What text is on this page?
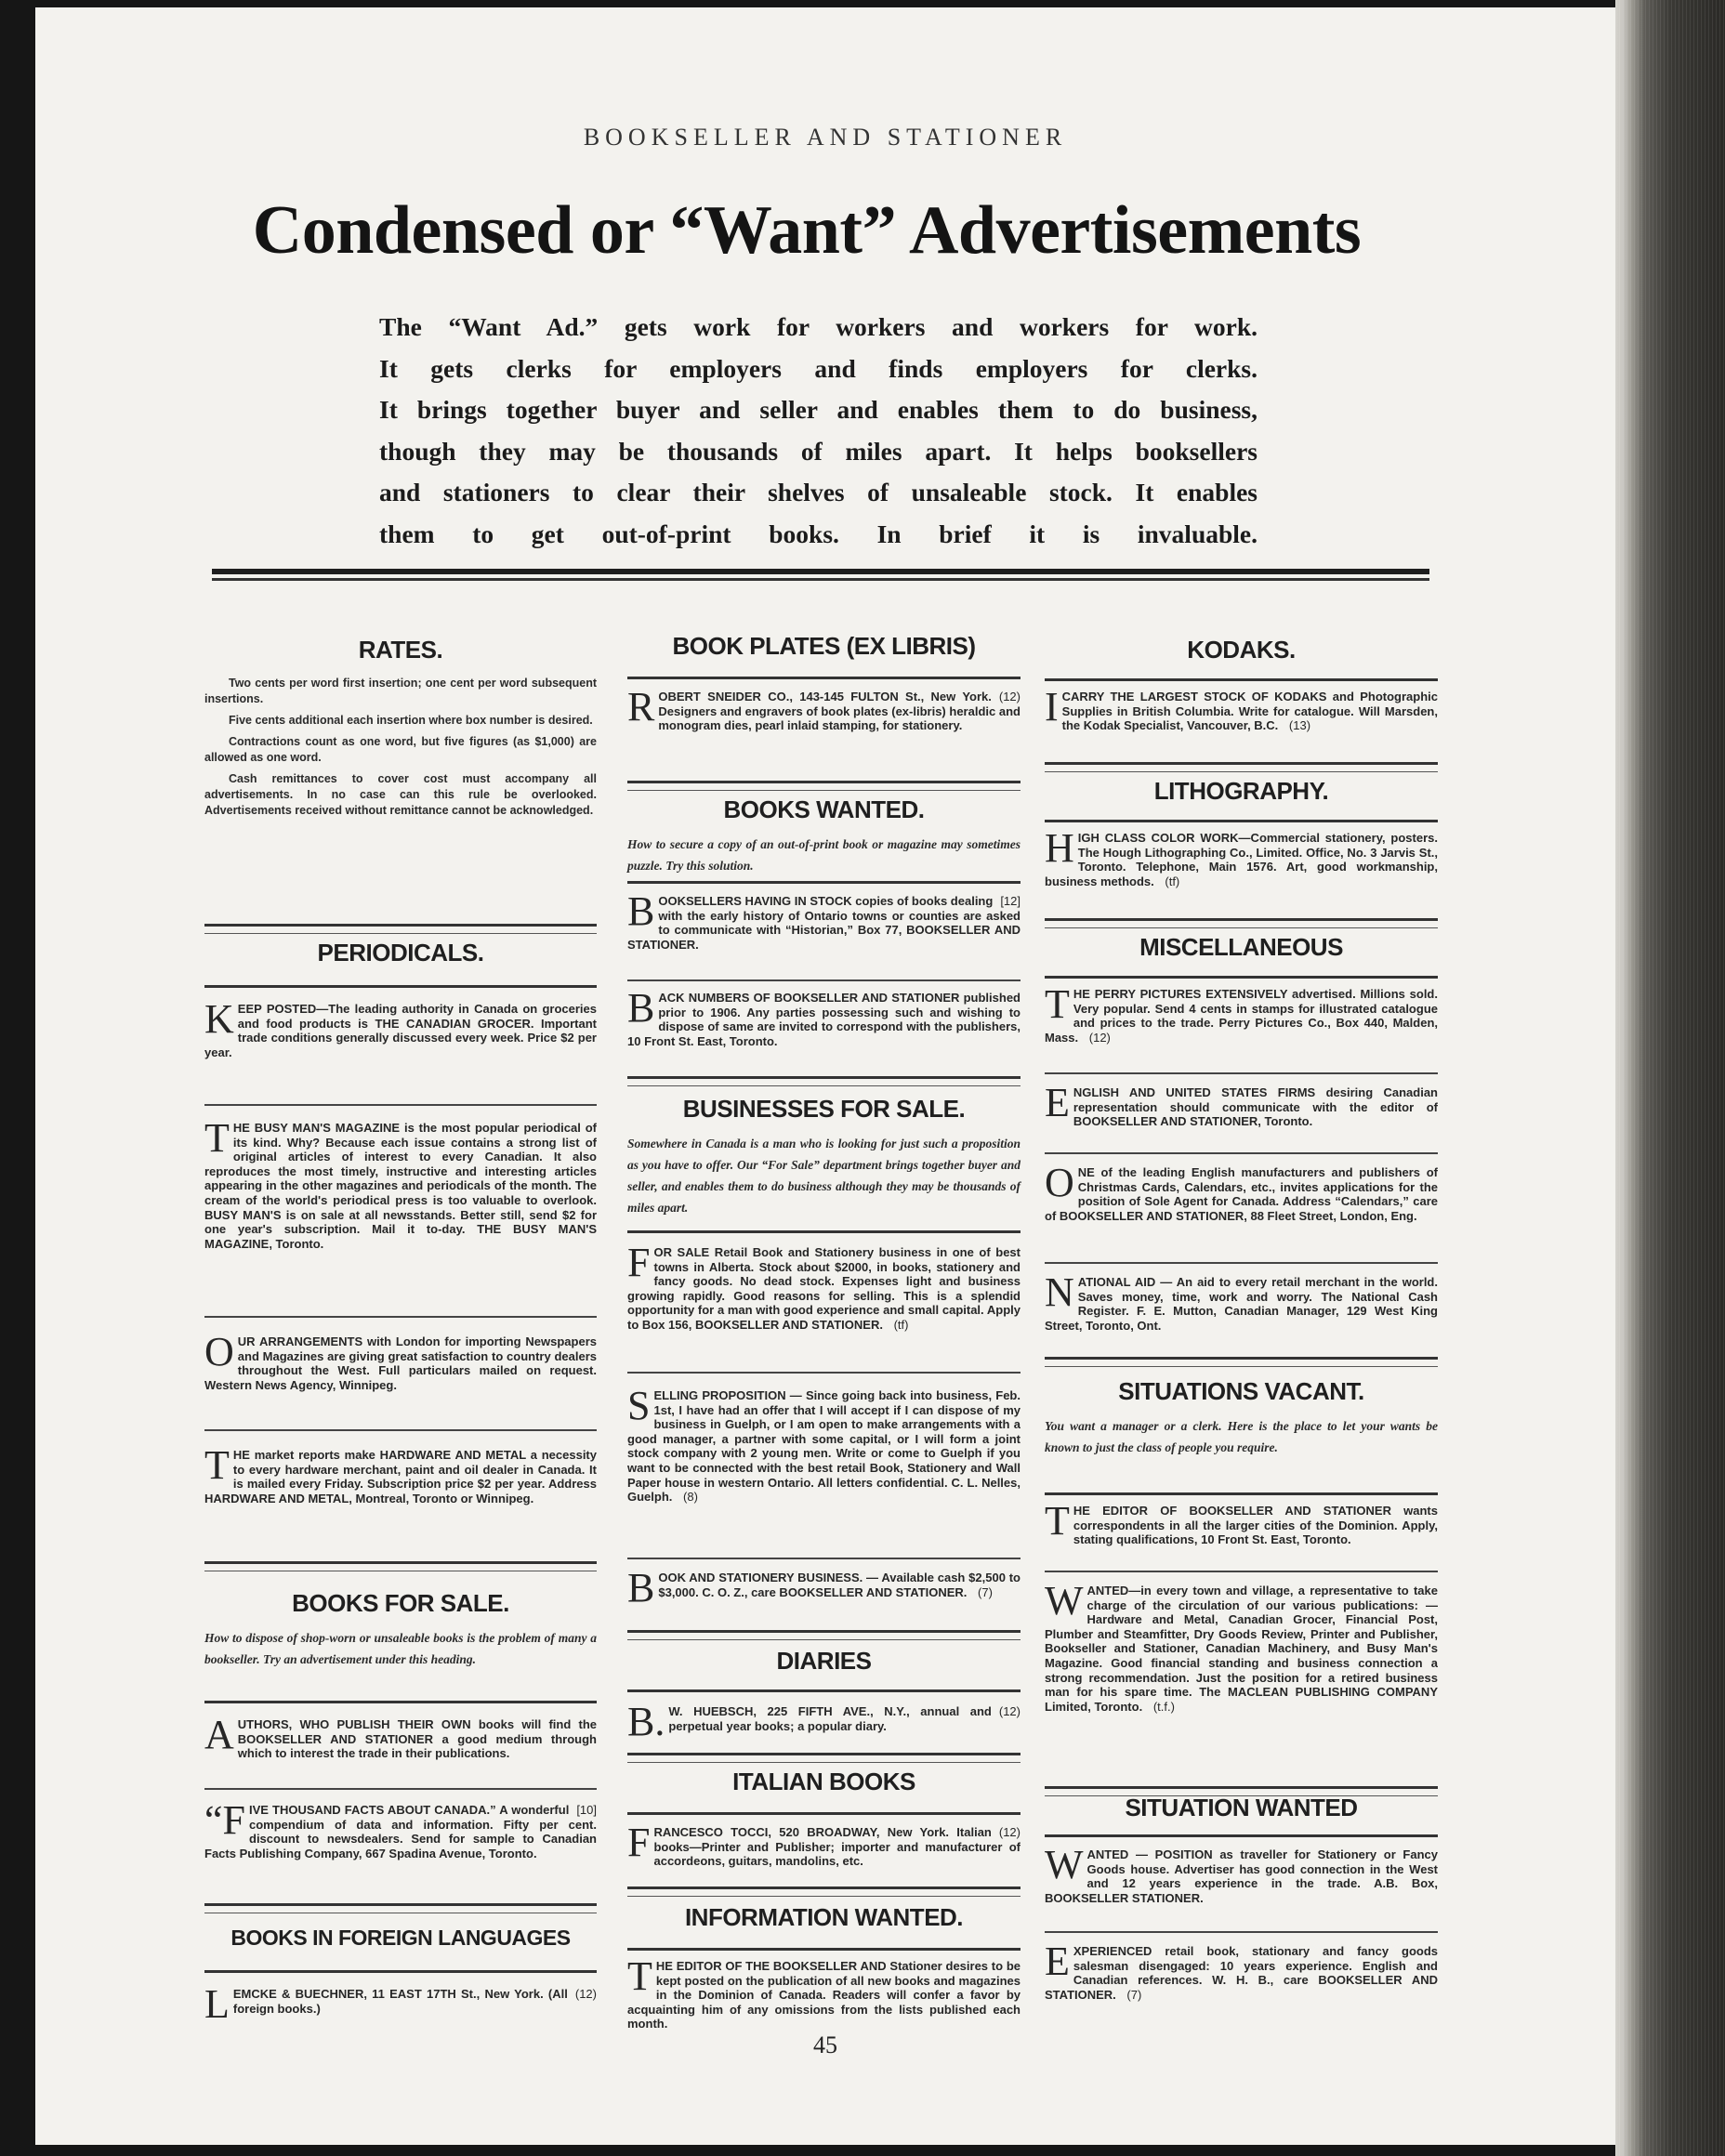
BOOKSELLER AND STATIONER
Condensed or “Want” Advertisements
The “Want Ad.” gets work for workers and workers for work.
It gets clerks for employers and finds employers for clerks.
It brings together buyer and seller and enables them to do business,
though they may be thousands of miles apart. It helps booksellers
and stationers to clear their shelves of unsaleable stock. It enables
them to get out-of-print books. In brief it is invaluable.
RATES.

Two cents per word first insertion; one cent per word subsequent insertions.

Five cents additional each insertion where box number is desired.

Contractions count as one word, but five figures (as $1,000) are allowed as one word.

Cash remittances to cover cost must accompany all advertisements. In no case can this rule be overlooked. Advertisements received without remittance cannot be acknowledged.

PERIODICALS.
KEEP POSTED—The leading authority in Canada on groceries and food products is THE CANADIAN GROCER. Important trade conditions generally discussed every week. Price $2 per year.
THE BUSY MAN'S MAGAZINE is the most popular periodical of its kind. Why? Because each issue contains a strong list of original articles of interest to every Canadian. It also reproduces the most timely, instructive and interesting articles appearing in the other magazines and periodicals of the month. The cream of the world's periodical press is too valuable to overlook. BUSY MAN'S is on sale at all newsstands. Better still, send $2 for one year's subscription. Mail it to-day. THE BUSY MAN'S MAGAZINE, Toronto.
OUR ARRANGEMENTS with London for importing Newspapers and Magazines are giving great satisfaction to country dealers throughout the West. Full particulars mailed on request. Western News Agency, Winnipeg.
THE market reports make HARDWARE AND METAL a necessity to every hardware merchant, paint and oil dealer in Canada. It is mailed every Friday. Subscription price $2 per year. Address HARDWARE AND METAL, Montreal, Toronto or Winnipeg.
BOOKS FOR SALE.
How to dispose of shop-worn or unsaleable books is the problem of many a bookseller. Try an advertisement under this heading.
AUTHORS, WHO PUBLISH THEIR OWN books will find the BOOKSELLER AND STATIONER a good medium through which to interest the trade in their publications.
“F	[10]
IVE THOUSAND FACTS ABOUT CANADA.” A wonderful compendium of data and information. Fifty per cent. discount to newsdealers. Send for sample to Canadian Facts Publishing Company, 667 Spadina Avenue, Toronto.
BOOKS IN FOREIGN LANGUAGES
L	(12)
EMCKE & BUECHNER, 11 EAST 17TH St., New York. (All foreign books.)
BOOK PLATES (EX LIBRIS)
R	(12)
OBERT SNEIDER CO., 143-145 FULTON St., New York. Designers and engravers of book plates (ex-libris) heraldic and monogram dies, pearl inlaid stamping, for stationery.
BOOKS WANTED.
How to secure a copy of an out-of-print book or magazine may sometimes puzzle. Try this solution.
B	[12]
OOKSELLERS HAVING IN STOCK copies of books dealing with the early history of Ontario towns or counties are asked to communicate with “Historian,” Box 77, BOOKSELLER AND STATIONER.
BACK NUMBERS OF BOOKSELLER AND STATIONER published prior to 1906. Any parties possessing such and wishing to dispose of same are invited to correspond with the publishers, 10 Front St. East, Toronto.
BUSINESSES FOR SALE.
Somewhere in Canada is a man who is looking for just such a proposition as you have to offer. Our “For Sale” department brings together buyer and seller, and enables them to do business although they may be thousands of miles apart.
FOR SALE Retail Book and Stationery business in one of best towns in Alberta. Stock about $2000, in books, stationery and fancy goods. No dead stock. Expenses light and business growing rapidly. Good reasons for selling. This is a splendid opportunity for a man with good experience and small capital. Apply to Box 156, BOOKSELLER AND STATIONER. (tf)
SELLING PROPOSITION — Since going back into business, Feb. 1st, I have had an offer that I will accept if I can dispose of my business in Guelph, or I am open to make arrangements with a good manager, a partner with some capital, or I will form a joint stock company with 2 young men. Write or come to Guelph if you want to be connected with the best retail Book, Stationery and Wall Paper house in western Ontario. All letters confidential. C. L. Nelles, Guelph. (8)
BOOK AND STATIONERY BUSINESS. — Available cash $2,500 to $3,000. C. O. Z., care BOOKSELLER AND STATIONER. (7)
DIARIES
B.	(12)
W. HUEBSCH, 225 FIFTH AVE., N.Y., annual and perpetual year books; a popular diary.
ITALIAN BOOKS
F	(12)
RANCESCO TOCCI, 520 BROADWAY, New York. Italian books—Printer and Publisher; importer and manufacturer of accordeons, guitars, mandolins, etc.
INFORMATION WANTED.
THE EDITOR OF THE BOOKSELLER AND Stationer desires to be kept posted on the publication of all new books and magazines in the Dominion of Canada. Readers will confer a favor by acquainting him of any omissions from the lists published each month.
KODAKS.
ICARRY THE LARGEST STOCK OF KODAKS and Photographic Supplies in British Columbia. Write for catalogue. Will Marsden, the Kodak Specialist, Vancouver, B.C. (13)
LITHOGRAPHY.
HIGH CLASS COLOR WORK—Commercial stationery, posters. The Hough Lithographing Co., Limited. Office, No. 3 Jarvis St., Toronto. Telephone, Main 1576. Art, good workmanship, business methods. (tf)
MISCELLANEOUS
THE PERRY PICTURES EXTENSIVELY advertised. Millions sold. Very popular. Send 4 cents in stamps for illustrated catalogue and prices to the trade. Perry Pictures Co., Box 440, Malden, Mass. (12)
ENGLISH AND UNITED STATES FIRMS desiring Canadian representation should communicate with the editor of BOOKSELLER AND STATIONER, Toronto.
ONE of the leading English manufacturers and publishers of Christmas Cards, Calendars, etc., invites applications for the position of Sole Agent for Canada. Address “Calendars,” care of BOOKSELLER AND STATIONER, 88 Fleet Street, London, Eng.
NATIONAL AID — An aid to every retail merchant in the world. Saves money, time, work and worry. The National Cash Register. F. E. Mutton, Canadian Manager, 129 West King Street, Toronto, Ont.
SITUATIONS VACANT.
You want a manager or a clerk. Here is the place to let your wants be known to just the class of people you require.
THE EDITOR OF BOOKSELLER AND STATIONER wants correspondents in all the larger cities of the Dominion. Apply, stating qualifications, 10 Front St. East, Toronto.
WANTED—in every town and village, a representative to take charge of the circulation of our various publications: — Hardware and Metal, Canadian Grocer, Financial Post, Plumber and Steamfitter, Dry Goods Review, Printer and Publisher, Bookseller and Stationer, Canadian Machinery, and Busy Man's Magazine. Good financial standing and business connection a strong recommendation. Just the position for a retired business man for his spare time. The MACLEAN PUBLISHING COMPANY Limited, Toronto. (t.f.)
SITUATION WANTED
WANTED — POSITION as traveller for Stationery or Fancy Goods house. Advertiser has good connection in the West and 12 years experience in the trade. A.B. Box, BOOKSELLER STATIONER.
EXPERIENCED retail book, stationary and fancy goods salesman disengaged: 10 years experience. English and Canadian references. W. H. B., care BOOKSELLER AND STATIONER. (7)
45
